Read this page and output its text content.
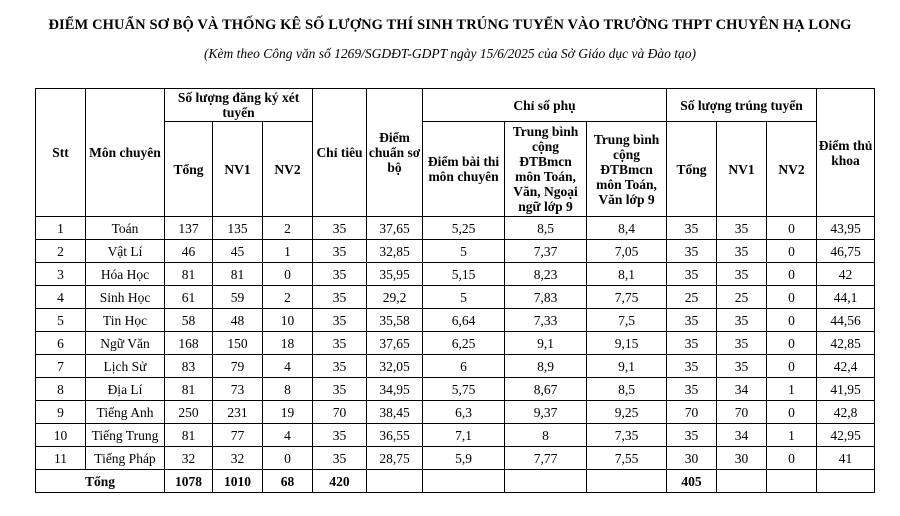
ĐIỂM CHUẨN SƠ BỘ VÀ THỐNG KÊ SỐ LƯỢNG THÍ SINH TRÚNG TUYỂN VÀO TRƯỜNG THPT CHUYÊN HẠ LONG
(Kèm theo Công văn số 1269/SGDĐT-GDPT ngày 15/6/2025 của Sở Giáo dục và Đào tạo)
Stt	Môn chuyên	Số lượng đăng ký xét tuyển			Chỉ tiêu	Điểm chuẩn sơ bộ	Chỉ số phụ			Số lượng trúng tuyển			Điểm thủ khoa
		Tổng	NV1	NV2			Điểm bài thi môn chuyên	Trung bình cộng ĐTBmcn môn Toán, Văn, Ngoại ngữ lớp 9	Trung bình cộng ĐTBmcn môn Toán, Văn lớp 9	Tổng	NV1	NV2	
1	Toán	137	135	2	35	37,65	5,25	8,5	8,4	35	35	0	43,95
2	Vật Lí	46	45	1	35	32,85	5	7,37	7,05	35	35	0	46,75
3	Hóa Học	81	81	0	35	35,95	5,15	8,23	8,1	35	35	0	42
4	Sinh Học	61	59	2	35	29,2	5	7,83	7,75	25	25	0	44,1
5	Tin Học	58	48	10	35	35,58	6,64	7,33	7,5	35	35	0	44,56
6	Ngữ Văn	168	150	18	35	37,65	6,25	9,1	9,15	35	35	0	42,85
7	Lịch Sử	83	79	4	35	32,05	6	8,9	9,1	35	35	0	42,4
8	Địa Lí	81	73	8	35	34,95	5,75	8,67	8,5	35	34	1	41,95
9	Tiếng Anh	250	231	19	70	38,45	6,3	9,37	9,25	70	70	0	42,8
10	Tiếng Trung	81	77	4	35	36,55	7,1	8	7,35	35	34	1	42,95
11	Tiếng Pháp	32	32	0	35	28,75	5,9	7,77	7,55	30	30	0	41
Tổng		1078	1010	68	420					405			
